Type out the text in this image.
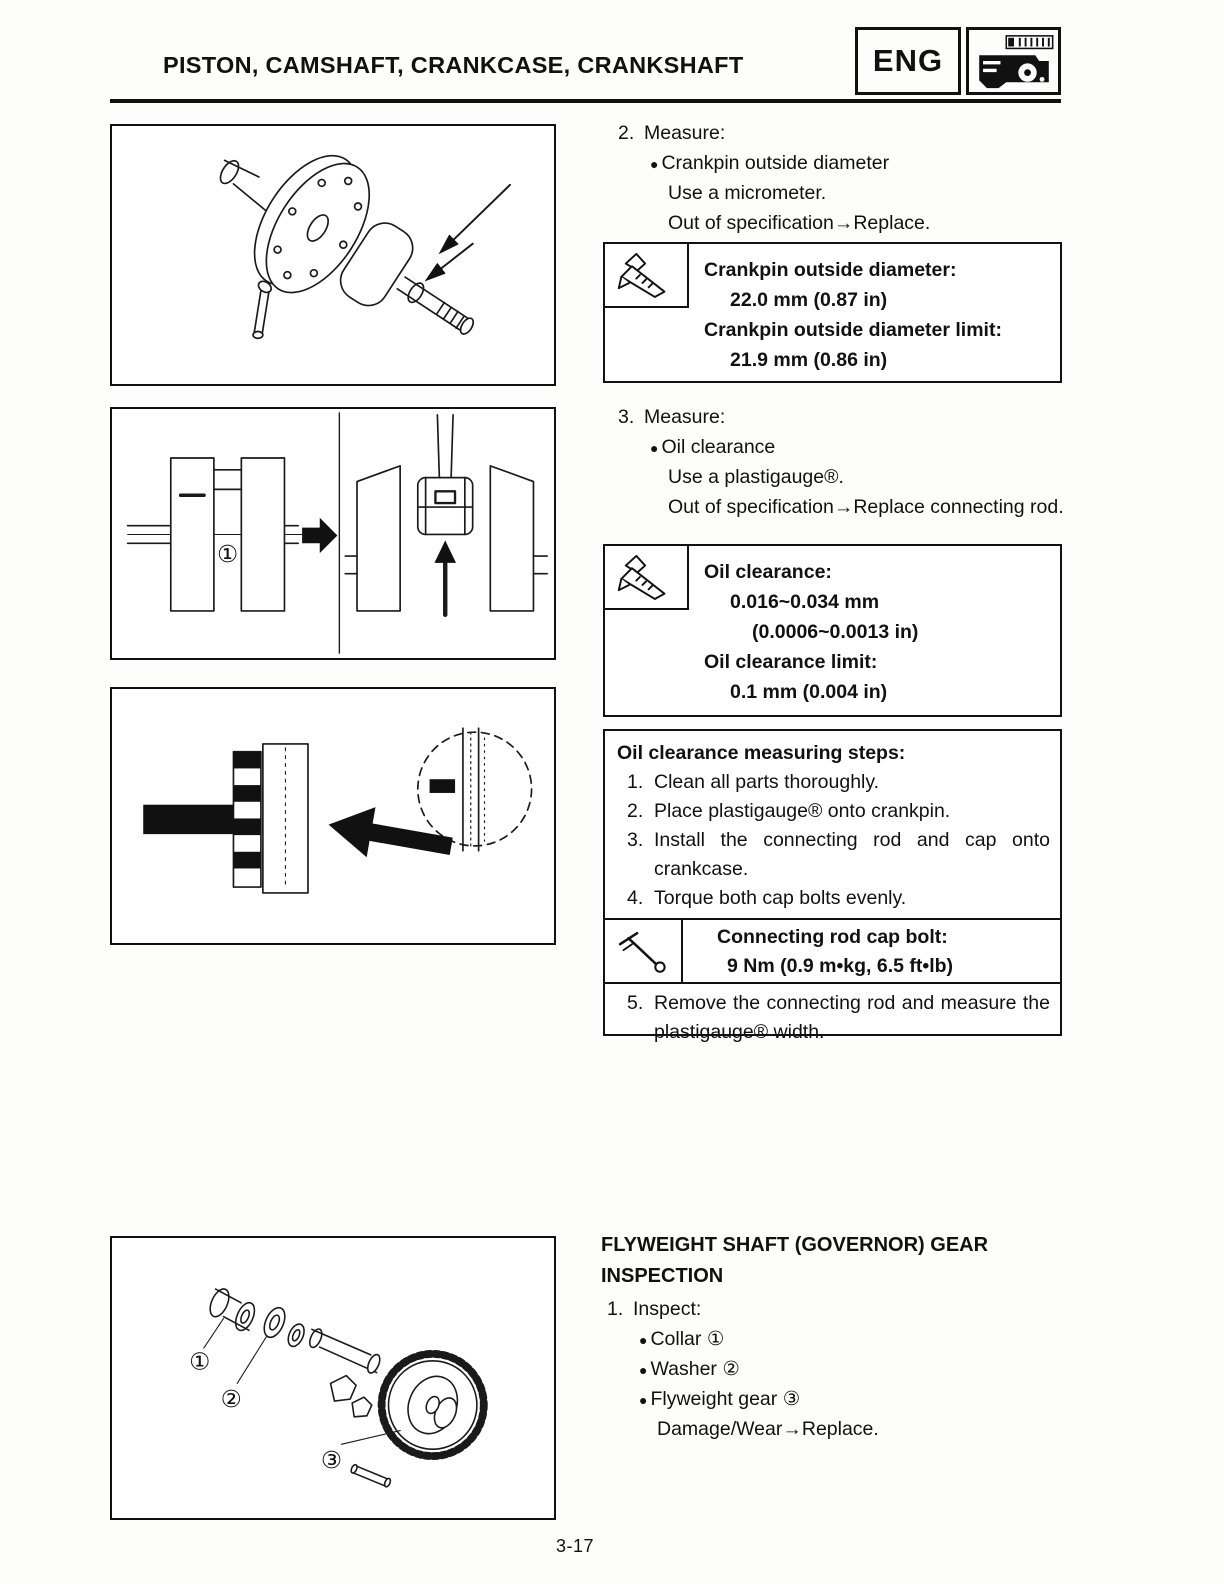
PISTON, CAMSHAFT, CRANKCASE, CRANKSHAFT	ENG
①
2. Measure:
● Crankpin outside diameter
Use a micrometer.
Out of specification→Replace.
Crankpin outside diameter:
22.0 mm (0.87 in)
Crankpin outside diameter limit:
21.9 mm (0.86 in)
3. Measure:
● Oil clearance
Use a plastigauge®.
Out of specification→Replace connecting rod.
Oil clearance:
0.016~0.034 mm
(0.0006~0.0013 in)
Oil clearance limit:
0.1 mm (0.004 in)
Oil clearance measuring steps:
1. Clean all parts thoroughly.
2. Place plastigauge® onto crankpin.
3. Install the connecting rod and cap onto crankcase.
4. Torque both cap bolts evenly.
Connecting rod cap bolt:
9 Nm (0.9 m•kg, 6.5 ft•lb)
5. Remove the connecting rod and measure the plastigauge® width.
①
②
③
FLYWEIGHT SHAFT (GOVERNOR) GEAR INSPECTION
1. Inspect:
● Collar ①
● Washer ②
● Flyweight gear ③
Damage/Wear→Replace.
3-17
